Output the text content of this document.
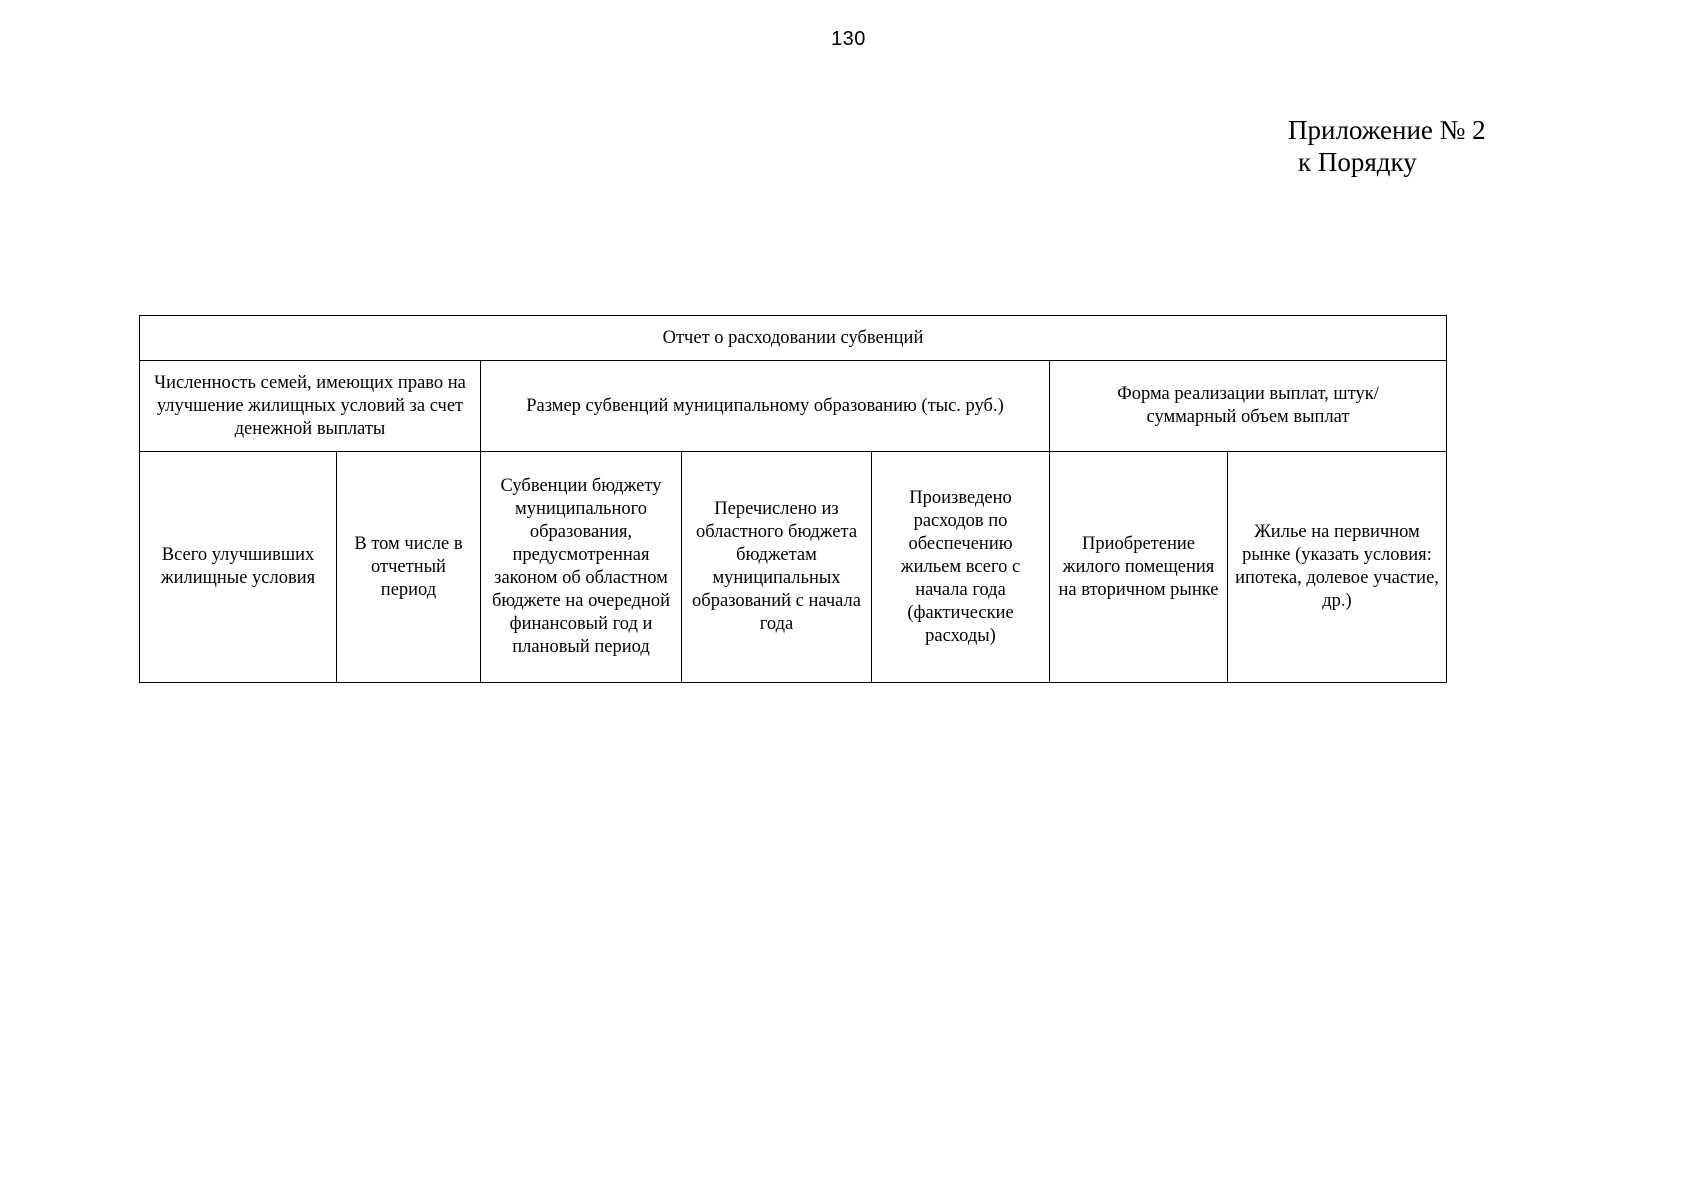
130
Приложение № 2
к Порядку
Отчет о расходовании субвенций						
Численность семей, имеющих право на улучшение жилищных условий за счет денежной выплаты		Размер субвенций муниципальному образованию (тыс. руб.)			Форма реализации выплат, штук/суммарный объем выплат	
Всего улучшивших жилищные условия	В том числе в отчетный период	Субвенции бюджету муниципального образования, предусмотренная законом об областном бюджете на очередной финансовый год и плановый период	Перечислено из областного бюджета бюджетам муниципальных образований с начала года	Произведено расходов по обеспечению жильем всего с начала года (фактические расходы)	Приобретение жилого помещения на вторичном рынке	Жилье на первичном рынке (указать условия: ипотека, долевое участие, др.)
